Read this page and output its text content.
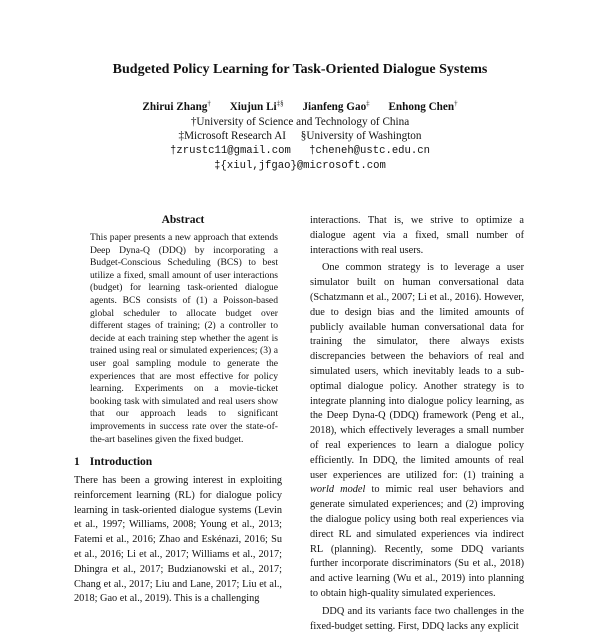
Budgeted Policy Learning for Task-Oriented Dialogue Systems
Zhirui Zhang† Xiujun Li‡§ Jianfeng Gao‡ Enhong Chen†
†University of Science and Technology of China
‡Microsoft Research AI §University of Washington
†zrustc11@gmail.com †cheneh@ustc.edu.cn
‡{xiul,jfgao}@microsoft.com
Abstract

This paper presents a new approach that extends Deep Dyna-Q (DDQ) by incorporating a Budget-Conscious Scheduling (BCS) to best utilize a fixed, small amount of user interactions (budget) for learning task-oriented dialogue agents. BCS consists of (1) a Poisson-based global scheduler to allocate budget over different stages of training; (2) a controller to decide at each training step whether the agent is trained using real or simulated experiences; (3) a user goal sampling module to generate the experiences that are most effective for policy learning. Experiments on a movie-ticket booking task with simulated and real users show that our approach leads to significant improvements in success rate over the state-of-the-art baselines given the fixed budget.

1 Introduction

There has been a growing interest in exploiting reinforcement learning (RL) for dialogue policy learning in task-oriented dialogue systems (Levin et al., 1997; Williams, 2008; Young et al., 2013; Fatemi et al., 2016; Zhao and Eskénazi, 2016; Su et al., 2016; Li et al., 2017; Williams et al., 2017; Dhingra et al., 2017; Budzianowski et al., 2017; Chang et al., 2017; Liu and Lane, 2017; Liu et al., 2018; Gao et al., 2019). This is a challenging

interactions. That is, we strive to optimize a dialogue agent via a fixed, small number of interactions with real users.

One common strategy is to leverage a user simulator built on human conversational data (Schatzmann et al., 2007; Li et al., 2016). However, due to design bias and the limited amounts of publicly available human conversational data for training the simulator, there always exists discrepancies between the behaviors of real and simulated users, which inevitably leads to a sub-optimal dialogue policy. Another strategy is to integrate planning into dialogue policy learning, as the Deep Dyna-Q (DDQ) framework (Peng et al., 2018), which effectively leverages a small number of real experiences to learn a dialogue policy efficiently. In DDQ, the limited amounts of real user experiences are utilized for: (1) training a world model to mimic real user behaviors and generate simulated experiences; and (2) improving the dialogue policy using both real experiences via direct RL and simulated experiences via indirect RL (planning). Recently, some DDQ variants further incorporate discriminators (Su et al., 2018) and active learning (Wu et al., 2019) into planning to obtain high-quality simulated experiences.

DDQ and its variants face two challenges in the fixed-budget setting. First, DDQ lacks any explicit
